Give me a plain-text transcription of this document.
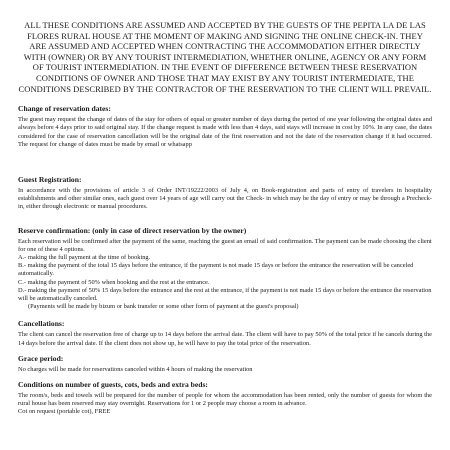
ALL THESE CONDITIONS ARE ASSUMED AND ACCEPTED BY THE GUESTS OF THE PEPITA LA DE LAS FLORES RURAL HOUSE AT THE MOMENT OF MAKING AND SIGNING THE ONLINE CHECK-IN. THEY ARE ASSUMED AND ACCEPTED WHEN CONTRACTING THE ACCOMMODATION EITHER DIRECTLY WITH (OWNER) OR BY ANY TOURIST INTERMEDIATION, WHETHER ONLINE, AGENCY OR ANY FORM OF TOURIST INTERMEDIATION. IN THE EVENT OF DIFFERENCE BETWEEN THESE RESERVATION CONDITIONS OF OWNER AND THOSE THAT MAY EXIST BY ANY TOURIST INTERMEDIATE, THE CONDITIONS DESCRIBED BY THE CONTRACTOR OF THE RESERVATION TO THE CLIENT WILL PREVAIL.

Change of reservation dates:

The guest may request the change of dates of the stay for others of equal or greater number of days during the period of one year following the original dates and always before 4 days prior to said original stay. If the change request is made with less than 4 days, said stays will increase in cost by 10%. In any case, the dates considered for the case of reservation cancellation will be the original date of the first reservation and not the date of the reservation change if it had occurred. The request for change of dates must be made by email or whatsapp

Guest Registration:

In accordance with the provisions of article 3 of Order INT/19222/2003 of July 4, on Book-registration and parts of entry of travelers in hospitality establishments and other similar ones, each guest over 14 years of age will carry out the Check- in which may be the day of entry or may be through a Precheck-in, either through electronic or manual procedures.

Reserve confirmation: (only in case of direct reservation by the owner)

Each reservation will be confirmed after the payment of the same, reaching the guest an email of said confirmation. The payment can be made choosing the client for one of these 4 options.

A.- making the full payment at the time of booking.

B.- making the payment of the total 15 days before the entrance, if the payment is not made 15 days or before the entrance the reservation will be canceled automatically.

C.- making the payment of 50% when booking and the rest at the entrance.

D.- making the payment of 50% 15 days before the entrance and the rest at the entrance, if the payment is not made 15 days or before the entrance the reservation will be automatically canceled.

(Payments will be made by bizum or bank transfer or some other form of payment at the guest's proposal)

Cancellations:

The client can cancel the reservation free of charge up to 14 days before the arrival date. The client will have to pay 50% of the total price if he cancels during the 14 days before the arrival date. If the client does not show up, he will have to pay the total price of the reservation.

Grace period:

No charges will be made for reservations canceled within 4 hours of making the reservation

Conditions on number of guests, cots, beds and extra beds:

The room/s, beds and towels will be prepared for the number of people for whom the accommodation has been rented, only the number of guests for whom the rural house has been reserved may stay overnight. Reservations for 1 or 2 people may choose a room in advance.

Cot on request (portable cot), FREE
